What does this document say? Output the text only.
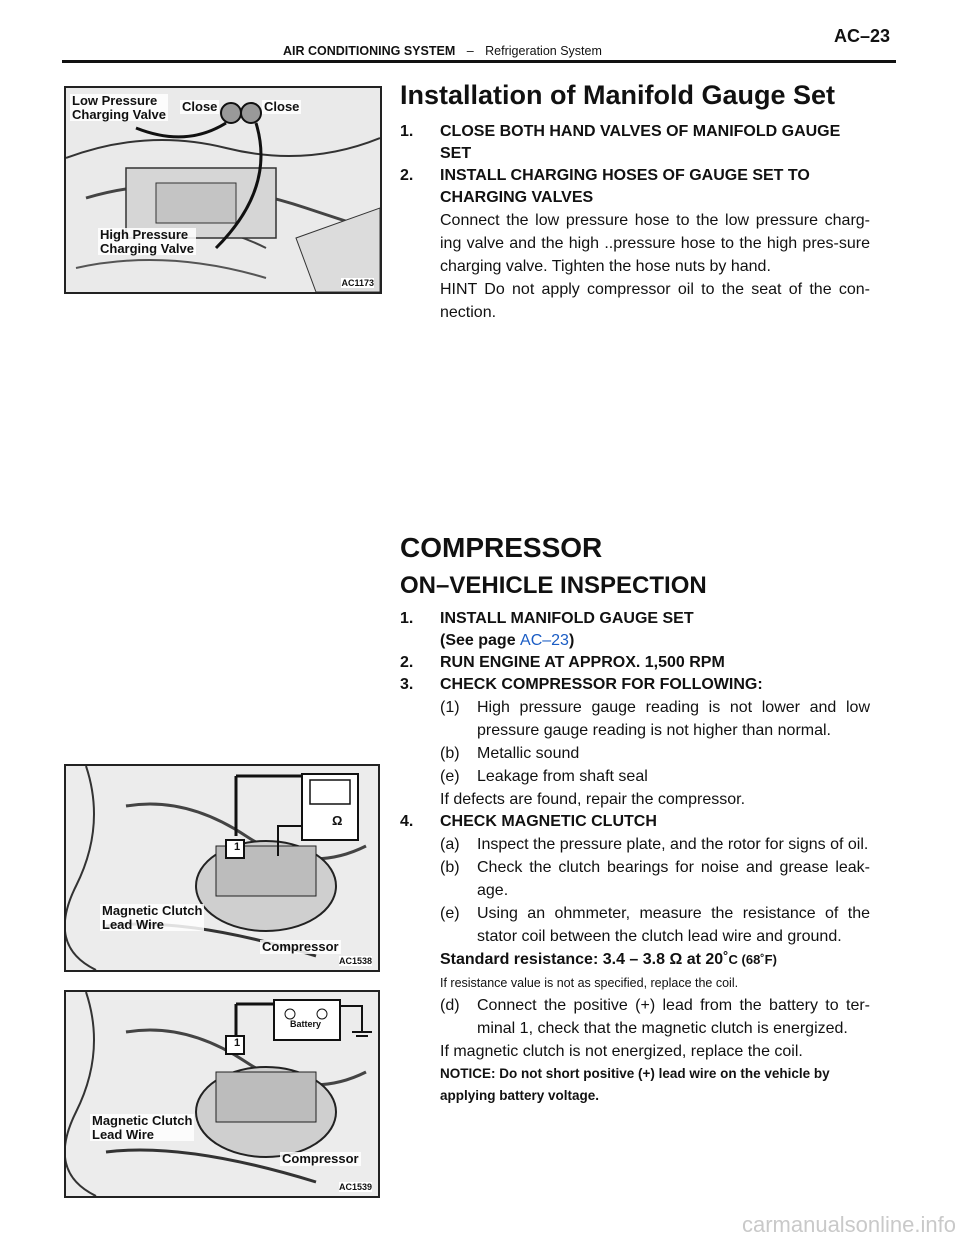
AIR CONDITIONING SYSTEM – Refrigeration System
AC–23
Low Pressure
Charging Valve
Close	Close
High Pressure
Charging Valve
AC1173
Ω
1
Magnetic Clutch
Lead Wire
Compressor
AC1538
Battery
1
Magnetic Clutch
Lead Wire
Compressor
AC1539
Installation of Manifold Gauge Set
1. CLOSE BOTH HAND VALVES OF MANIFOLD GAUGE SET
2. INSTALL CHARGING HOSES OF GAUGE SET TO CHARGING VALVES
Connect the low pressure hose to the low pressure charg-ing valve and the high ..pressure hose to the high pres-sure charging valve. Tighten the hose nuts by hand.
HINT Do not apply compressor oil to the seat of the con-nection.
COMPRESSOR
ON–VEHICLE INSPECTION
1. INSTALL MANIFOLD GAUGE SET
(See page AC–23)
2. RUN ENGINE AT APPROX. 1,500 RPM
3. CHECK COMPRESSOR FOR FOLLOWING:
(1) High pressure gauge reading is not lower and low pressure gauge reading is not higher than normal.
(b) Metallic sound
(e) Leakage from shaft seal
If defects are found, repair the compressor.
4. CHECK MAGNETIC CLUTCH
(a) Inspect the pressure plate, and the rotor for signs of oil.
(b) Check the clutch bearings for noise and grease leak-age.
(e) Using an ohmmeter, measure the resistance of the stator coil between the clutch lead wire and ground.
Standard resistance: 3.4 – 3.8 Ω at 20˚C (68˚F)
If resistance value is not as specified, replace the coil.
(d) Connect the positive (+) lead from the battery to ter-minal 1, check that the magnetic clutch is energized.
If magnetic clutch is not energized, replace the coil.
NOTICE: Do not short positive (+) lead wire on the vehicle by applying battery voltage.
carmanualsonline.info
